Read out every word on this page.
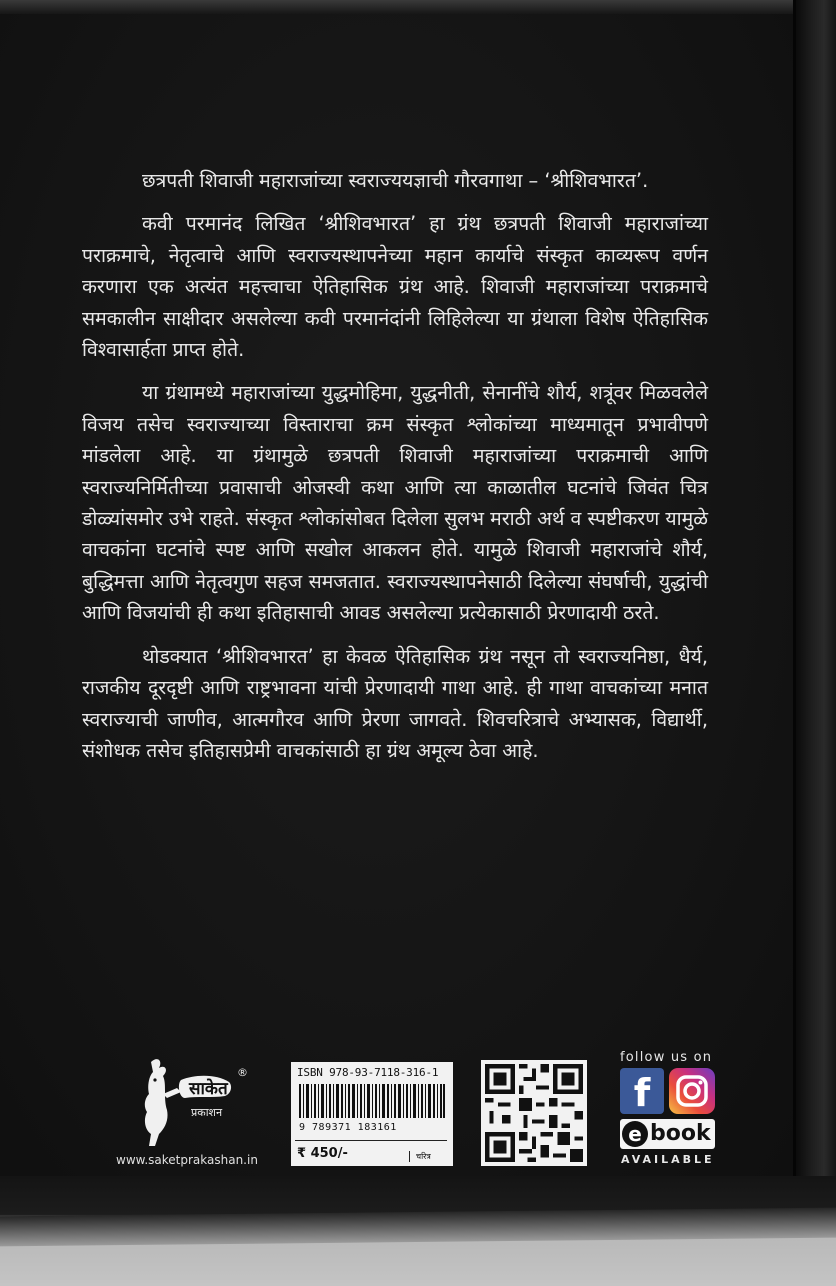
छत्रपती शिवाजी महाराजांच्या स्वराज्ययज्ञाची गौरवगाथा – ‘श्रीशिवभारत’.

कवी परमानंद लिखित ‘श्रीशिवभारत’ हा ग्रंथ छत्रपती शिवाजी महाराजांच्या पराक्रमाचे, नेतृत्वाचे आणि स्वराज्यस्थापनेच्या महान कार्याचे संस्कृत काव्यरूप वर्णन करणारा एक अत्यंत महत्त्वाचा ऐतिहासिक ग्रंथ आहे. शिवाजी महाराजांच्या पराक्रमाचे समकालीन साक्षीदार असलेल्या कवी परमानंदांनी लिहिलेल्या या ग्रंथाला विशेष ऐतिहासिक विश्वासार्हता प्राप्त होते.

या ग्रंथामध्ये महाराजांच्या युद्धमोहिमा, युद्धनीती, सेनानींचे शौर्य, शत्रूंवर मिळवलेले विजय तसेच स्वराज्याच्या विस्ताराचा क्रम संस्कृत श्लोकांच्या माध्यमातून प्रभावीपणे मांडलेला आहे. या ग्रंथामुळे छत्रपती शिवाजी महाराजांच्या पराक्रमाची आणि स्वराज्यनिर्मितीच्या प्रवासाची ओजस्वी कथा आणि त्या काळातील घटनांचे जिवंत चित्र डोळ्यांसमोर उभे राहते. संस्कृत श्लोकांसोबत दिलेला सुलभ मराठी अर्थ व स्पष्टीकरण यामुळे वाचकांना घटनांचे स्पष्ट आणि सखोल आकलन होते. यामुळे शिवाजी महाराजांचे शौर्य, बुद्धिमत्ता आणि नेतृत्वगुण सहज समजतात. स्वराज्यस्थापनेसाठी दिलेल्या संघर्षाची, युद्धांची आणि विजयांची ही कथा इतिहासाची आवड असलेल्या प्रत्येकासाठी प्रेरणादायी ठरते.

थोडक्यात ‘श्रीशिवभारत’ हा केवळ ऐतिहासिक ग्रंथ नसून तो स्वराज्यनिष्ठा, धैर्य, राजकीय दूरदृष्टी आणि राष्ट्रभावना यांची प्रेरणादायी गाथा आहे. ही गाथा वाचकांच्या मनात स्वराज्याची जाणीव, आत्मगौरव आणि प्रेरणा जागवते. शिवचरित्राचे अभ्यासक, विद्यार्थी, संशोधक तसेच इतिहासप्रेमी वाचकांसाठी हा ग्रंथ अमूल्य ठेवा आहे.

साकेत
®
प्रकाशन
www.saketprakashan.in
ISBN 978-93-7118-316-1
9 789371 183161
₹ 450/-	चरित्र
follow us on
f
e book
AVAILABLE
